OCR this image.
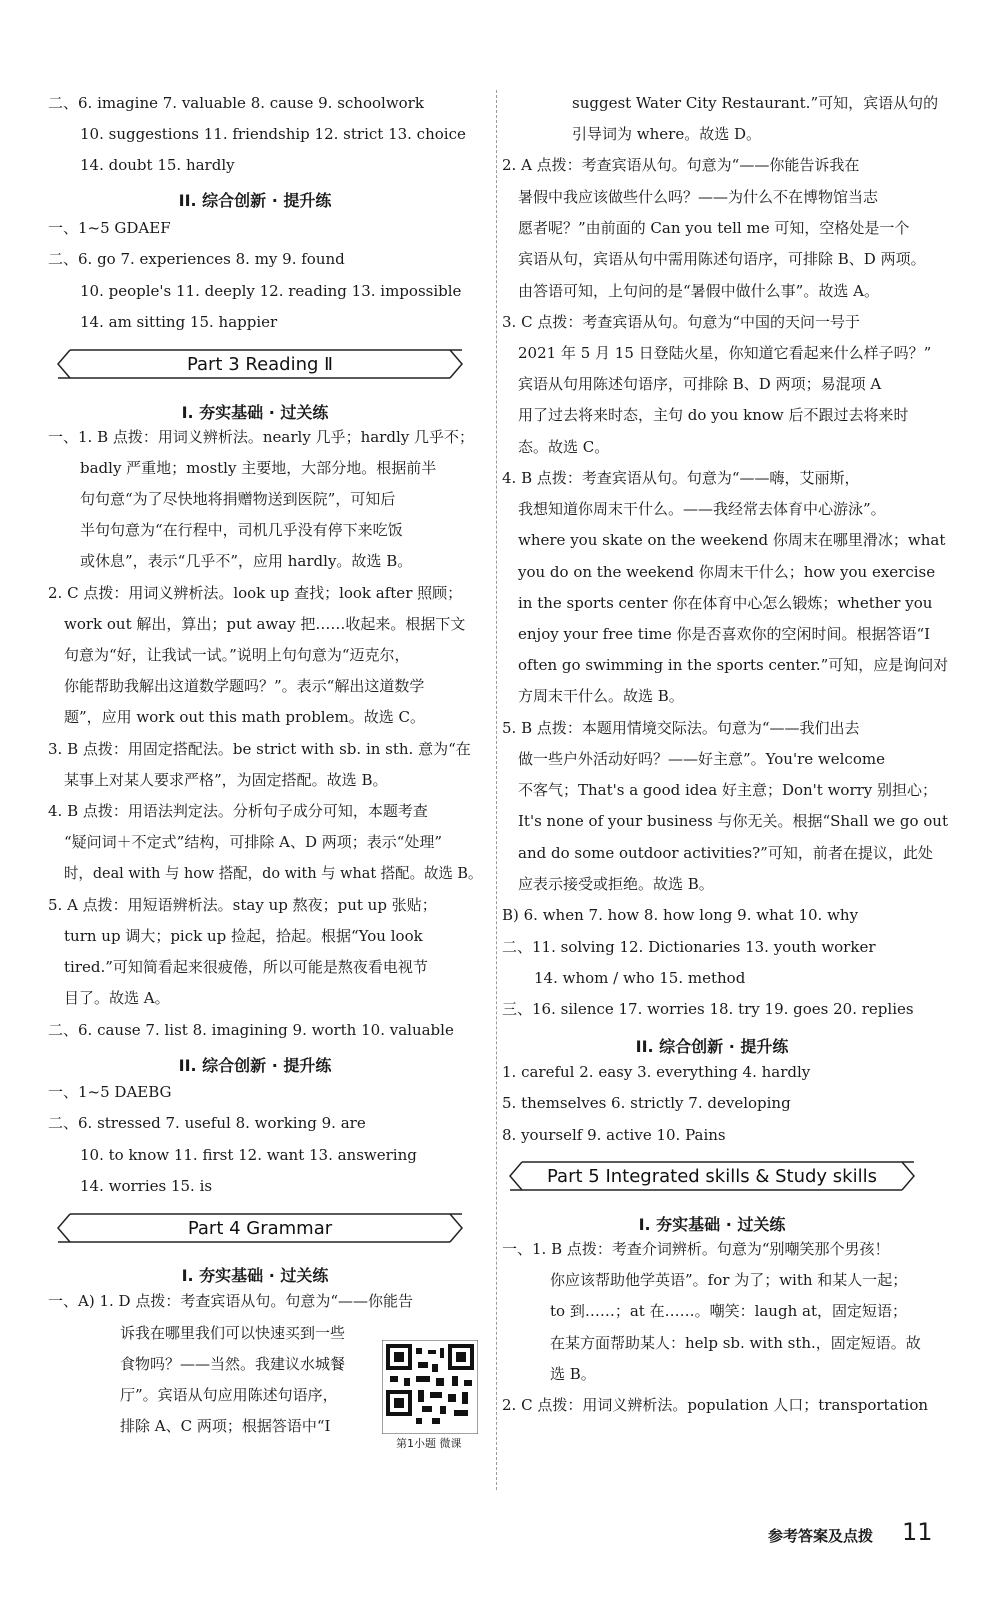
二、6. imagine 7. valuable 8. cause 9. schoolwork
10. suggestions 11. friendship 12. strict 13. choice
14. doubt 15. hardly
一、1~5 GDAEF
二、6. go 7. experiences 8. my 9. found
10. people's 11. deeply 12. reading 13. impossible
14. am sitting 15. happier
一、1. B 点拨：用词义辨析法。nearly 几乎；hardly 几乎不；
badly 严重地；mostly 主要地，大部分地。根据前半
句句意“为了尽快地将捐赠物送到医院”，可知后
半句句意为“在行程中，司机几乎没有停下来吃饭
或休息”，表示“几乎不”，应用 hardly。故选 B。
2. C 点拨：用词义辨析法。look up 查找；look after 照顾；
work out 解出，算出；put away 把……收起来。根据下文
句意为“好，让我试一试。”说明上句句意为“迈克尔，
你能帮助我解出这道数学题吗？”。表示“解出这道数学
题”，应用 work out this math problem。故选 C。
3. B 点拨：用固定搭配法。be strict with sb. in sth. 意为“在
某事上对某人要求严格”，为固定搭配。故选 B。
4. B 点拨：用语法判定法。分析句子成分可知，本题考查
“疑问词＋不定式”结构，可排除 A、D 两项；表示“处理”
时，deal with 与 how 搭配，do with 与 what 搭配。故选 B。
5. A 点拨：用短语辨析法。stay up 熬夜；put up 张贴；
turn up 调大；pick up 捡起，拾起。根据“You look
tired.”可知简看起来很疲倦，所以可能是熬夜看电视节
目了。故选 A。
二、6. cause 7. list 8. imagining 9. worth 10. valuable
一、1~5 DAEBG
二、6. stressed 7. useful 8. working 9. are
10. to know 11. first 12. want 13. answering
14. worries 15. is
一、A) 1. D 点拨：考查宾语从句。句意为“——你能告
诉我在哪里我们可以快速买到一些
食物吗？——当然。我建议水城餐
厅”。宾语从句应用陈述句语序，
排除 A、C 两项；根据答语中“I
suggest Water City Restaurant.”可知，宾语从句的
引导词为 where。故选 D。
2. A 点拨：考查宾语从句。句意为“——你能告诉我在
暑假中我应该做些什么吗？——为什么不在博物馆当志
愿者呢？”由前面的 Can you tell me 可知，空格处是一个
宾语从句，宾语从句中需用陈述句语序，可排除 B、D 两项。
由答语可知，上句问的是“暑假中做什么事”。故选 A。
3. C 点拨：考查宾语从句。句意为“中国的天问一号于
2021 年 5 月 15 日登陆火星，你知道它看起来什么样子吗？”
宾语从句用陈述句语序，可排除 B、D 两项；易混项 A
用了过去将来时态，主句 do you know 后不跟过去将来时
态。故选 C。
4. B 点拨：考查宾语从句。句意为“——嗨，艾丽斯，
我想知道你周末干什么。——我经常去体育中心游泳”。
where you skate on the weekend 你周末在哪里滑冰；what
you do on the weekend 你周末干什么；how you exercise
in the sports center 你在体育中心怎么锻炼；whether you
enjoy your free time 你是否喜欢你的空闲时间。根据答语“I
often go swimming in the sports center.”可知，应是询问对
方周末干什么。故选 B。
5. B 点拨：本题用情境交际法。句意为“——我们出去
做一些户外活动好吗？——好主意”。You're welcome
不客气；That's a good idea 好主意；Don't worry 别担心；
It's none of your business 与你无关。根据“Shall we go out
and do some outdoor activities?”可知，前者在提议，此处
应表示接受或拒绝。故选 B。
B) 6. when 7. how 8. how long 9. what 10. why
二、11. solving 12. Dictionaries 13. youth worker
14. whom / who 15. method
三、16. silence 17. worries 18. try 19. goes 20. replies
1. careful 2. easy 3. everything 4. hardly
5. themselves 6. strictly 7. developing
8. yourself 9. active 10. Pains
一、1. B 点拨：考查介词辨析。句意为“别嘲笑那个男孩！
你应该帮助他学英语”。for 为了；with 和某人一起；
to 到……；at 在……。嘲笑：laugh at，固定短语；
在某方面帮助某人：help sb. with sth.，固定短语。故
选 B。
2. C 点拨：用词义辨析法。population 人口；transportation
II. 综合创新 · 提升练
I. 夯实基础 · 过关练
II. 综合创新 · 提升练
I. 夯实基础 · 过关练
II. 综合创新 · 提升练
I. 夯实基础 · 过关练
Part 3 Reading Ⅱ
Part 4 Grammar
Part 5 Integrated skills & Study skills
第1小题 微课
参考答案及点拨 11
